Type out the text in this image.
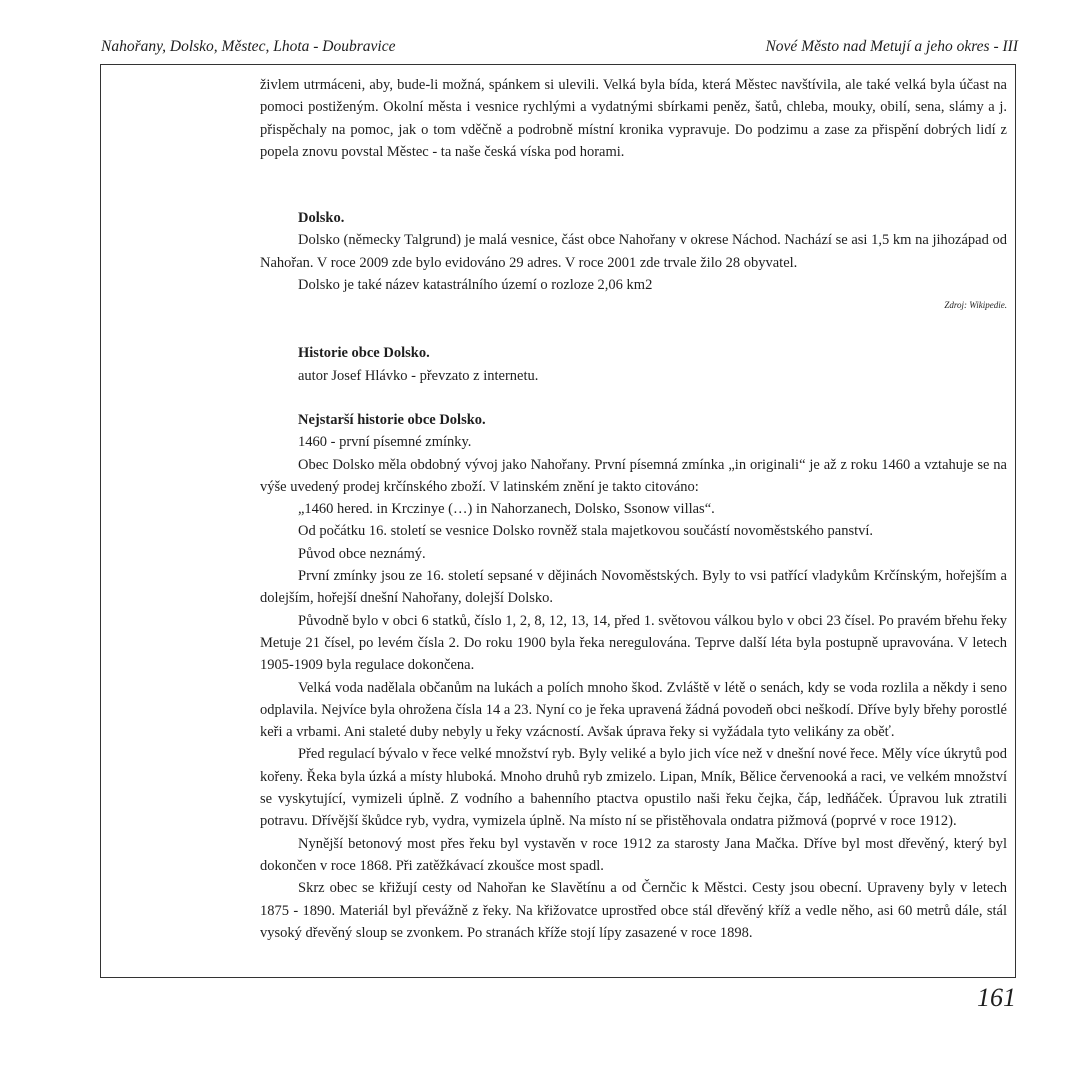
Nahořany, Dolsko, Městec, Lhota - Doubravice	Nové Město nad Metují a jeho okres - III

živlem utrmáceni, aby, bude-li možná, spánkem si ulevili. Velká byla bída, která Městec navštívila, ale také velká byla účast na pomoci postiženým. Okolní města i vesnice rychlými a vydatnými sbírkami peněz, šatů, chleba, mouky, obilí, sena, slámy a j. přispěchaly na pomoc, jak o tom vděčně a podrobně místní kronika vypravuje. Do podzimu a zase za přispění dobrých lidí z popela znovu povstal Městec - ta naše česká víska pod horami.

Dolsko.

Dolsko (německy Talgrund) je malá vesnice, část obce Nahořany v okrese Náchod. Nachází se asi 1,5 km na jihozápad od Nahořan. V roce 2009 zde bylo evidováno 29 adres. V roce 2001 zde trvale žilo 28 obyvatel.

Dolsko je také název katastrálního území o rozloze 2,06 km2

Zdroj: Wikipedie.

Historie obce Dolsko.

autor Josef Hlávko - převzato z internetu.

Nejstarší historie obce Dolsko.

1460 - první písemné zmínky.

Obec Dolsko měla obdobný vývoj jako Nahořany. První písemná zmínka „in originali“ je až z roku 1460 a vztahuje se na výše uvedený prodej krčínského zboží. V latinském znění je takto citováno:

„1460 hered. in Krczinye (…) in Nahorzanech, Dolsko, Ssonow villas“.

Od počátku 16. století se vesnice Dolsko rovněž stala majetkovou součástí novoměstského panství.

Původ obce neznámý.

První zmínky jsou ze 16. století sepsané v dějinách Novoměstských. Byly to vsi patřící vladykům Krčínským, hořejším a dolejším, hořejší dnešní Nahořany, dolejší Dolsko.

Původně bylo v obci 6 statků, číslo 1, 2, 8, 12, 13, 14, před 1. světovou válkou bylo v obci 23 čísel. Po pravém břehu řeky Metuje 21 čísel, po levém čísla 2. Do roku 1900 byla řeka neregulována. Teprve další léta byla postupně upravována. V letech 1905-1909 byla regulace dokončena.

Velká voda nadělala občanům na lukách a polích mnoho škod. Zvláště v létě o senách, kdy se voda rozlila a někdy i seno odplavila. Nejvíce byla ohrožena čísla 14 a 23. Nyní co je řeka upravená žádná povodeň obci neškodí. Dříve byly břehy porostlé keři a vrbami. Ani staleté duby nebyly u řeky vzácností. Avšak úprava řeky si vyžádala tyto velikány za oběť.

Před regulací bývalo v řece velké množství ryb. Byly veliké a bylo jich více než v dnešní nové řece. Měly více úkrytů pod kořeny. Řeka byla úzká a místy hluboká. Mnoho druhů ryb zmizelo. Lipan, Mník, Bělice červenooká a raci, ve velkém množství se vyskytující, vymizeli úplně. Z vodního a bahenního ptactva opustilo naši řeku čejka, čáp, ledňáček. Úpravou luk ztratili potravu. Dřívější škůdce ryb, vydra, vymizela úplně. Na místo ní se přistěhovala ondatra pižmová (poprvé v roce 1912).

Nynější betonový most přes řeku byl vystavěn v roce 1912 za starosty Jana Mačka. Dříve byl most dřevěný, který byl dokončen v roce 1868. Při zatěžkávací zkoušce most spadl.

Skrz obec se křižují cesty od Nahořan ke Slavětínu a od Černčic k Městci. Cesty jsou obecní. Upraveny byly v letech 1875 - 1890. Materiál byl převážně z řeky. Na křižovatce uprostřed obce stál dřevěný kříž a vedle něho, asi 60 metrů dále, stál vysoký dřevěný sloup se zvonkem. Po stranách kříže stojí lípy zasazené v roce 1898.

161
